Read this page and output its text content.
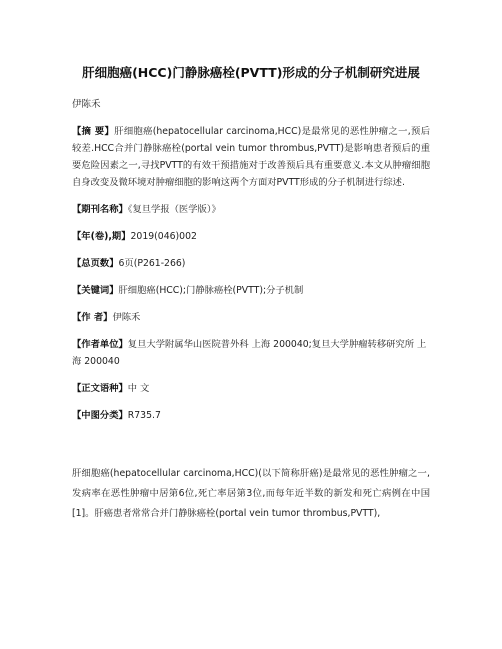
肝细胞癌(HCC)门静脉癌栓(PVTT)形成的分子机制研究进展
伊陈禾
【摘 要】肝细胞癌(hepatocellular carcinoma,HCC)是最常见的恶性肿瘤之一,预后较差.HCC合并门静脉癌栓(portal vein tumor thrombus,PVTT)是影响患者预后的重要危险因素之一,寻找PVTT的有效干预措施对于改善预后具有重要意义.本文从肿瘤细胞自身改变及微环境对肿瘤细胞的影响这两个方面对PVTT形成的分子机制进行综述.
【期刊名称】《复旦学报（医学版）》
【年(卷),期】2019(046)002
【总页数】6页(P261-266)
【关键词】肝细胞癌(HCC);门静脉癌栓(PVTT);分子机制
【作 者】伊陈禾
【作者单位】复旦大学附属华山医院普外科 上海 200040;复旦大学肿瘤转移研究所 上海 200040
【正文语种】中 文
【中图分类】R735.7
肝细胞癌(hepatocellular carcinoma,HCC)(以下简称肝癌)是最常见的恶性肿瘤之一,发病率在恶性肿瘤中居第6位,死亡率居第3位,而每年近半数的新发和死亡病例在中国[1]。肝癌患者常常合并门静脉癌栓(portal vein tumor thrombus,PVTT),
